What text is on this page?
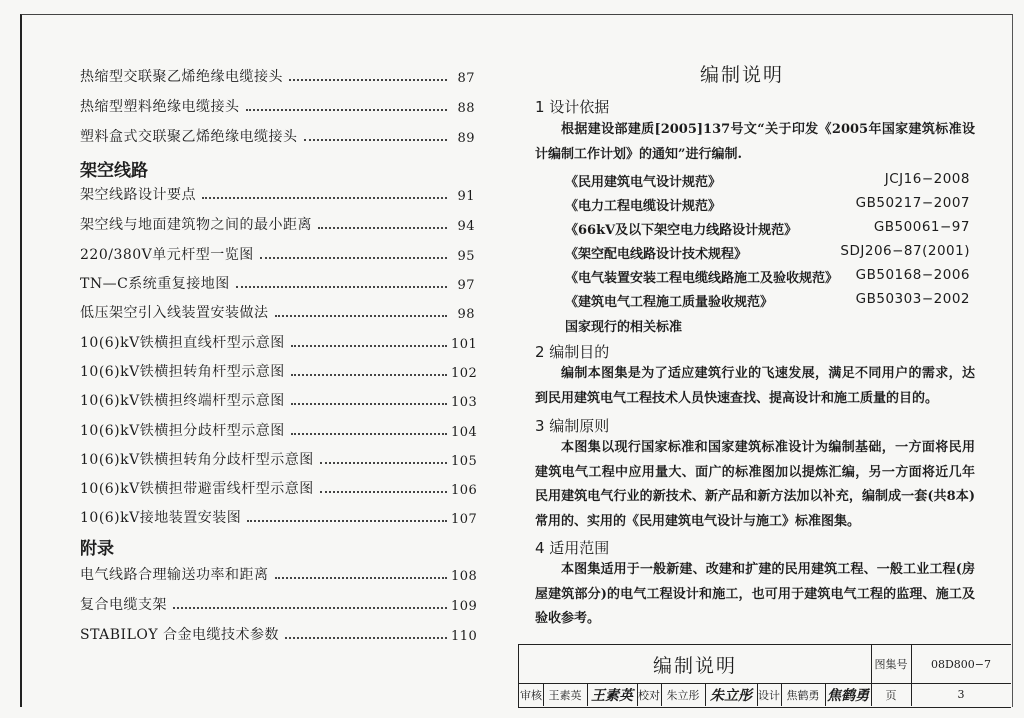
热缩型交联聚乙烯绝缘电缆接头	87
热缩型塑料绝缘电缆接头	88
塑料盒式交联聚乙烯绝缘电缆接头	89
架空线路
架空线路设计要点	91
架空线与地面建筑物之间的最小距离	94
220/380V单元杆型一览图	95
TN—C系统重复接地图	97
低压架空引入线装置安装做法	98
10(6)kV铁横担直线杆型示意图	101
10(6)kV铁横担转角杆型示意图	102
10(6)kV铁横担终端杆型示意图	103
10(6)kV铁横担分歧杆型示意图	104
10(6)kV铁横担转角分歧杆型示意图	105
10(6)kV铁横担带避雷线杆型示意图	106
10(6)kV接地装置安装图	107
附录
电气线路合理输送功率和距离	108
复合电缆支架	109
STABILOY 合金电缆技术参数	110
编制说明
1 设计依据
根据建设部建质[2005]137号文“关于印发《2005年国家建筑标准设计编制工作计划》的通知”进行编制.
《民用建筑电气设计规范》	JCJ16−2008
《电力工程电缆设计规范》	GB50217−2007
《66kV及以下架空电力线路设计规范》	GB50061−97
《架空配电线路设计技术规程》	SDJ206−87(2001)
《电气装置安装工程电缆线路施工及验收规范》 GB50168−2006
《建筑电气工程施工质量验收规范》	GB50303−2002
国家现行的相关标准
2 编制目的
编制本图集是为了适应建筑行业的飞速发展，满足不同用户的需求，达到民用建筑电气工程技术人员快速查找、提高设计和施工质量的目的。
3 编制原则
本图集以现行国家标准和国家建筑标准设计为编制基础，一方面将民用建筑电气工程中应用量大、面广的标准图加以提炼汇编，另一方面将近几年民用建筑电气行业的新技术、新产品和新方法加以补充，编制成一套(共8本)常用的、实用的《民用建筑电气设计与施工》标准图集。
4 适用范围
本图集适用于一般新建、改建和扩建的民用建筑工程、一般工业工程(房屋建筑部分)的电气工程设计和施工，也可用于建筑电气工程的监理、施工及验收参考。
编制说明	图集号	08D800−7
审核 王素英 王素英 校对 朱立彤 朱立彤 设计 焦鹤勇 焦鹤勇	页	3
